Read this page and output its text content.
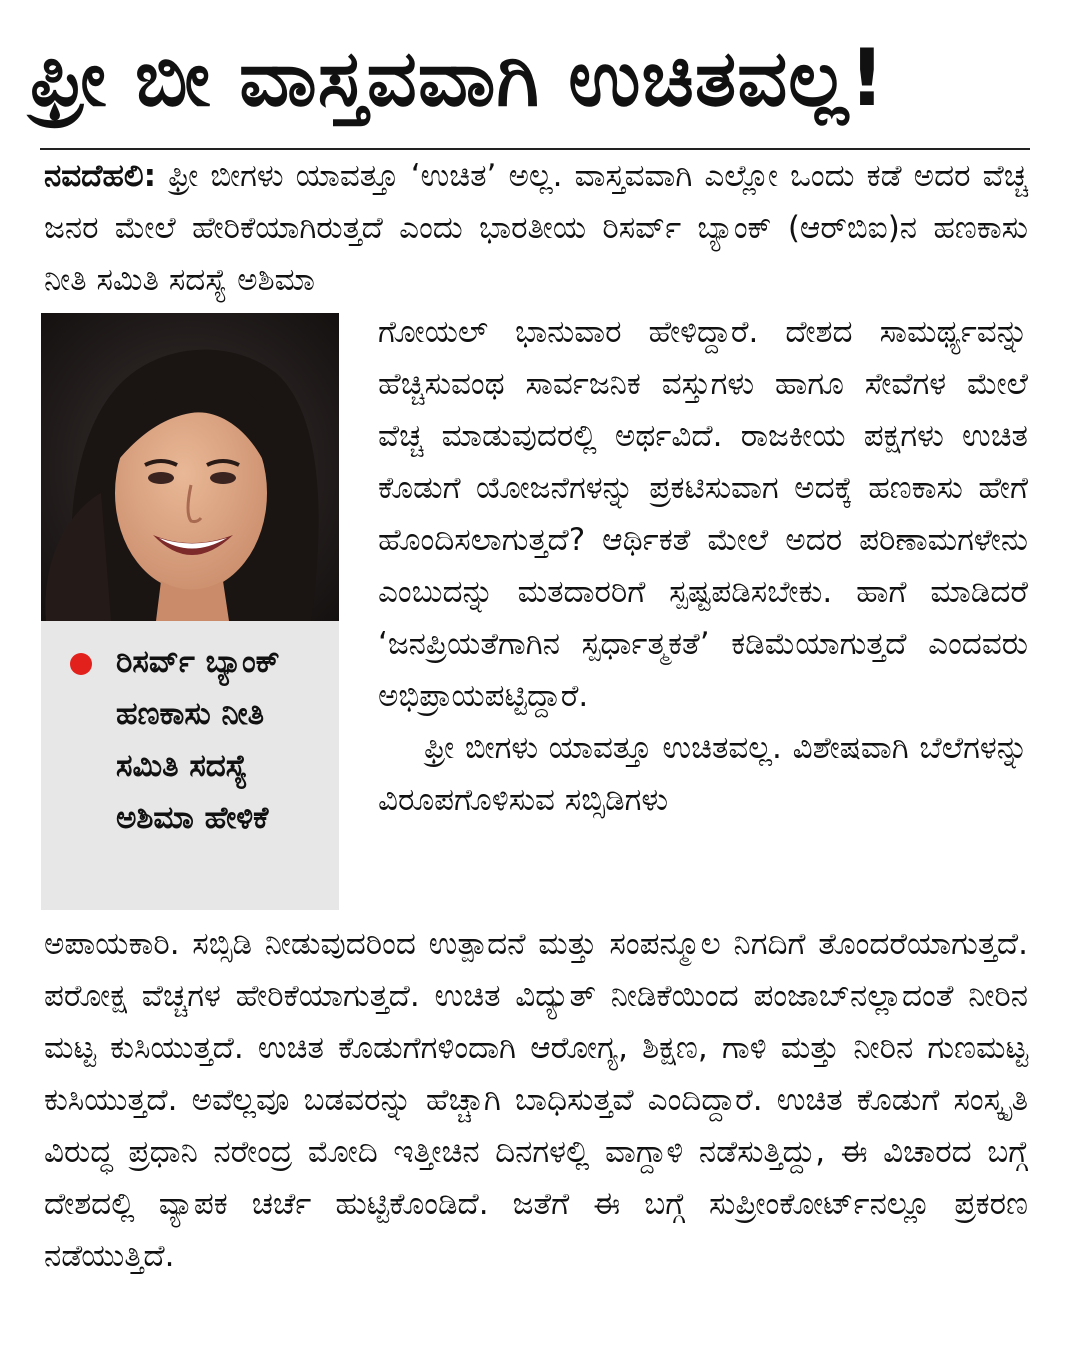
ಫ್ರೀ ಬೀ ವಾಸ್ತವವಾಗಿ ಉಚಿತವಲ್ಲ!
ನವದೆಹಲಿ: ಫ್ರೀ ಬೀಗಳು ಯಾವತ್ತೂ ‘ಉಚಿತ’ ಅಲ್ಲ. ವಾಸ್ತವವಾಗಿ ಎಲ್ಲೋ ಒಂದು ಕಡೆ ಅದರ ವೆಚ್ಚ ಜನರ ಮೇಲೆ ಹೇರಿಕೆಯಾಗಿರುತ್ತದೆ ಎಂದು ಭಾರತೀಯ ರಿಸರ್ವ್ ಬ್ಯಾಂಕ್ (ಆರ್‌ಬಿಐ)ನ ಹಣಕಾಸು ನೀತಿ ಸಮಿತಿ ಸದಸ್ಯೆ ಅಶಿಮಾ
ರಿಸರ್ವ್ ಬ್ಯಾಂಕ್ ಹಣಕಾಸು ನೀತಿ ಸಮಿತಿ ಸದಸ್ಯೆ ಅಶಿಮಾ ಹೇಳಿಕೆ
ಗೋಯಲ್ ಭಾನುವಾರ ಹೇಳಿದ್ದಾರೆ. ದೇಶದ ಸಾಮರ್ಥ್ಯವನ್ನು ಹೆಚ್ಚಿಸುವಂಥ ಸಾರ್ವಜನಿಕ ವಸ್ತುಗಳು ಹಾಗೂ ಸೇವೆಗಳ ಮೇಲೆ ವೆಚ್ಚ ಮಾಡುವುದರಲ್ಲಿ ಅರ್ಥವಿದೆ. ರಾಜಕೀಯ ಪಕ್ಷಗಳು ಉಚಿತ ಕೊಡುಗೆ ಯೋಜನೆಗಳನ್ನು ಪ್ರಕಟಿಸುವಾಗ ಅದಕ್ಕೆ ಹಣಕಾಸು ಹೇಗೆ ಹೊಂದಿಸಲಾಗುತ್ತದೆ? ಆರ್ಥಿಕತೆ ಮೇಲೆ ಅದರ ಪರಿಣಾಮಗಳೇನು ಎಂಬುದನ್ನು ಮತದಾರರಿಗೆ ಸ್ಪಷ್ಟಪಡಿಸಬೇಕು. ಹಾಗೆ ಮಾಡಿದರೆ ‘ಜನಪ್ರಿಯತೆಗಾಗಿನ ಸ್ಪರ್ಧಾತ್ಮಕತೆ’ ಕಡಿಮೆಯಾಗುತ್ತದೆ ಎಂದವರು ಅಭಿಪ್ರಾಯಪಟ್ಟಿದ್ದಾರೆ.
ಫ್ರೀ ಬೀಗಳು ಯಾವತ್ತೂ ಉಚಿತವಲ್ಲ. ವಿಶೇಷವಾಗಿ ಬೆಲೆಗಳನ್ನು ವಿರೂಪಗೊಳಿಸುವ ಸಬ್ಸಿಡಿಗಳು
ಅಪಾಯಕಾರಿ. ಸಬ್ಸಿಡಿ ನೀಡುವುದರಿಂದ ಉತ್ಪಾದನೆ ಮತ್ತು ಸಂಪನ್ಮೂಲ ನಿಗದಿಗೆ ತೊಂದರೆಯಾಗುತ್ತದೆ. ಪರೋಕ್ಷ ವೆಚ್ಚಗಳ ಹೇರಿಕೆಯಾಗುತ್ತದೆ. ಉಚಿತ ವಿದ್ಯುತ್ ನೀಡಿಕೆಯಿಂದ ಪಂಜಾಬ್‌ನಲ್ಲಾದಂತೆ ನೀರಿನ ಮಟ್ಟ ಕುಸಿಯುತ್ತದೆ. ಉಚಿತ ಕೊಡುಗೆಗಳಿಂದಾಗಿ ಆರೋಗ್ಯ, ಶಿಕ್ಷಣ, ಗಾಳಿ ಮತ್ತು ನೀರಿನ ಗುಣಮಟ್ಟ ಕುಸಿಯುತ್ತದೆ. ಅವೆಲ್ಲವೂ ಬಡವರನ್ನು ಹೆಚ್ಚಾಗಿ ಬಾಧಿಸುತ್ತವೆ ಎಂದಿದ್ದಾರೆ. ಉಚಿತ ಕೊಡುಗೆ ಸಂಸ್ಕೃತಿ ವಿರುದ್ಧ ಪ್ರಧಾನಿ ನರೇಂದ್ರ ಮೋದಿ ಇತ್ತೀಚಿನ ದಿನಗಳಲ್ಲಿ ವಾಗ್ದಾಳಿ ನಡೆಸುತ್ತಿದ್ದು, ಈ ವಿಚಾರದ ಬಗ್ಗೆ ದೇಶದಲ್ಲಿ ವ್ಯಾಪಕ ಚರ್ಚೆ ಹುಟ್ಟಿಕೊಂಡಿದೆ. ಜತೆಗೆ ಈ ಬಗ್ಗೆ ಸುಪ್ರೀಂಕೋರ್ಟ್‌ನಲ್ಲೂ ಪ್ರಕರಣ ನಡೆಯುತ್ತಿದೆ.
